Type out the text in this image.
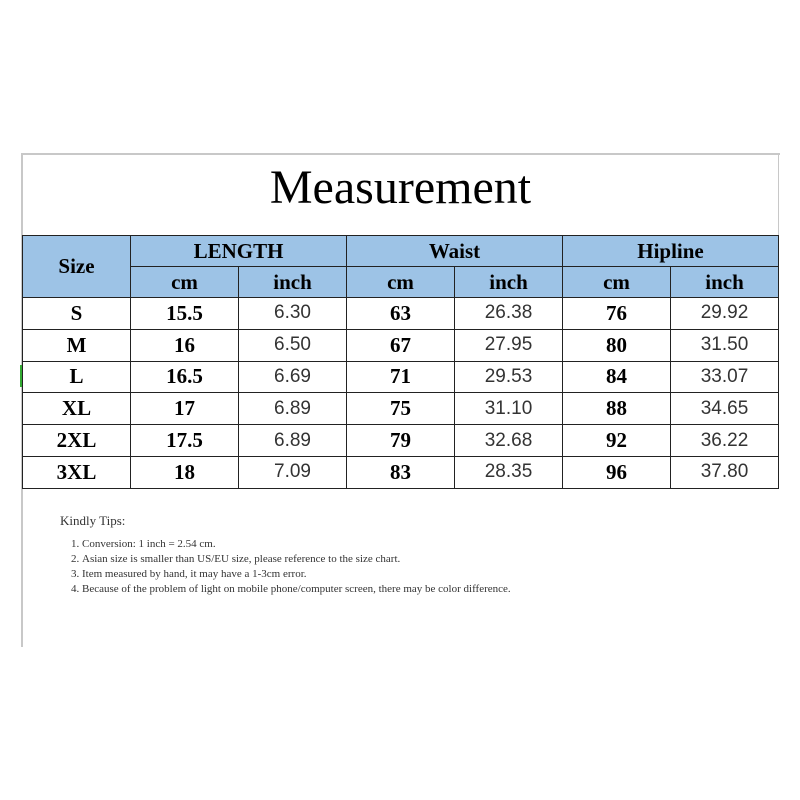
Measurement
Size	LENGTH		Waist		Hipline	
	cm	inch	cm	inch	cm	inch
S	15.5	6.30	63	26.38	76	29.92
M	16	6.50	67	27.95	80	31.50
L	16.5	6.69	71	29.53	84	33.07
XL	17	6.89	75	31.10	88	34.65
2XL	17.5	6.89	79	32.68	92	36.22
3XL	18	7.09	83	28.35	96	37.80
Kindly Tips:
1. Conversion: 1 inch = 2.54 cm.
2. Asian size is smaller than US/EU size, please reference to the size chart.
3. Item measured by hand, it may have a 1-3cm error.
4. Because of the problem of light on mobile phone/computer screen, there may be color difference.
